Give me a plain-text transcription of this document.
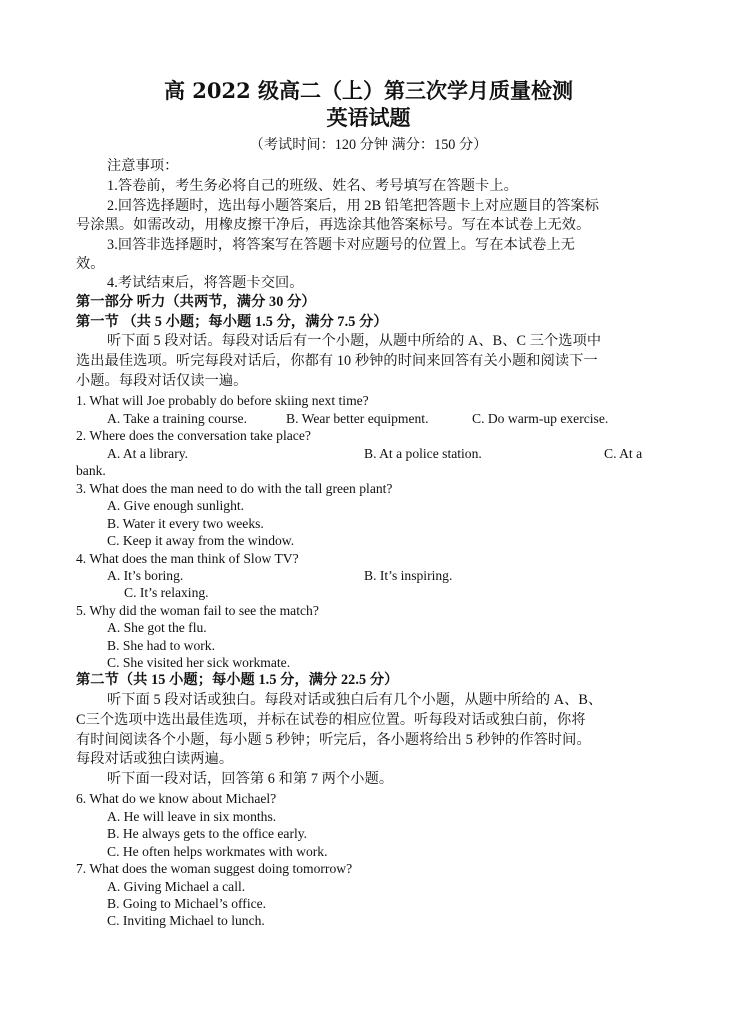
高 2022 级高二（上）第三次学月质量检测
英语试题
（考试时间：120 分钟 满分：150 分）
注意事项：
1.答卷前，考生务必将自己的班级、姓名、考号填写在答题卡上。
2.回答选择题时，选出每小题答案后，用 2B 铅笔把答题卡上对应题目的答案标
号涂黑。如需改动，用橡皮擦干净后，再选涂其他答案标号。写在本试卷上无效。
3.回答非选择题时，将答案写在答题卡对应题号的位置上。写在本试卷上无
效。
4.考试结束后，将答题卡交回。
第一部分 听力（共两节，满分 30 分）
第一节 （共 5 小题；每小题 1.5 分，满分 7.5 分）
听下面 5 段对话。每段对话后有一个小题，从题中所给的 A、B、C 三个选项中
选出最佳选项。听完每段对话后，你都有 10 秒钟的时间来回答有关小题和阅读下一
小题。每段对话仅读一遍。
1. What will Joe probably do before skiing next time?
A. Take a training course.	B. Wear better equipment.	C. Do warm-up exercise.
2. Where does the conversation take place?
A. At a library.	B. At a police station.	C. At a
bank.
3. What does the man need to do with the tall green plant?
A. Give enough sunlight.
B. Water it every two weeks.
C. Keep it away from the window.
4. What does the man think of Slow TV?
A. It’s boring.	B. It’s inspiring.
C. It’s relaxing.
5. Why did the woman fail to see the match?
A. She got the flu.
B. She had to work.
C. She visited her sick workmate.
第二节（共 15 小题；每小题 1.5 分，满分 22.5 分）
听下面 5 段对话或独白。每段对话或独白后有几个小题，从题中所给的 A、B、
C三个选项中选出最佳选项，并标在试卷的相应位置。听每段对话或独白前，你将
有时间阅读各个小题，每小题 5 秒钟；听完后，各小题将给出 5 秒钟的作答时间。
每段对话或独白读两遍。
听下面一段对话，回答第 6 和第 7 两个小题。
6. What do we know about Michael?
A. He will leave in six months.
B. He always gets to the office early.
C. He often helps workmates with work.
7. What does the woman suggest doing tomorrow?
A. Giving Michael a call.
B. Going to Michael’s office.
C. Inviting Michael to lunch.
